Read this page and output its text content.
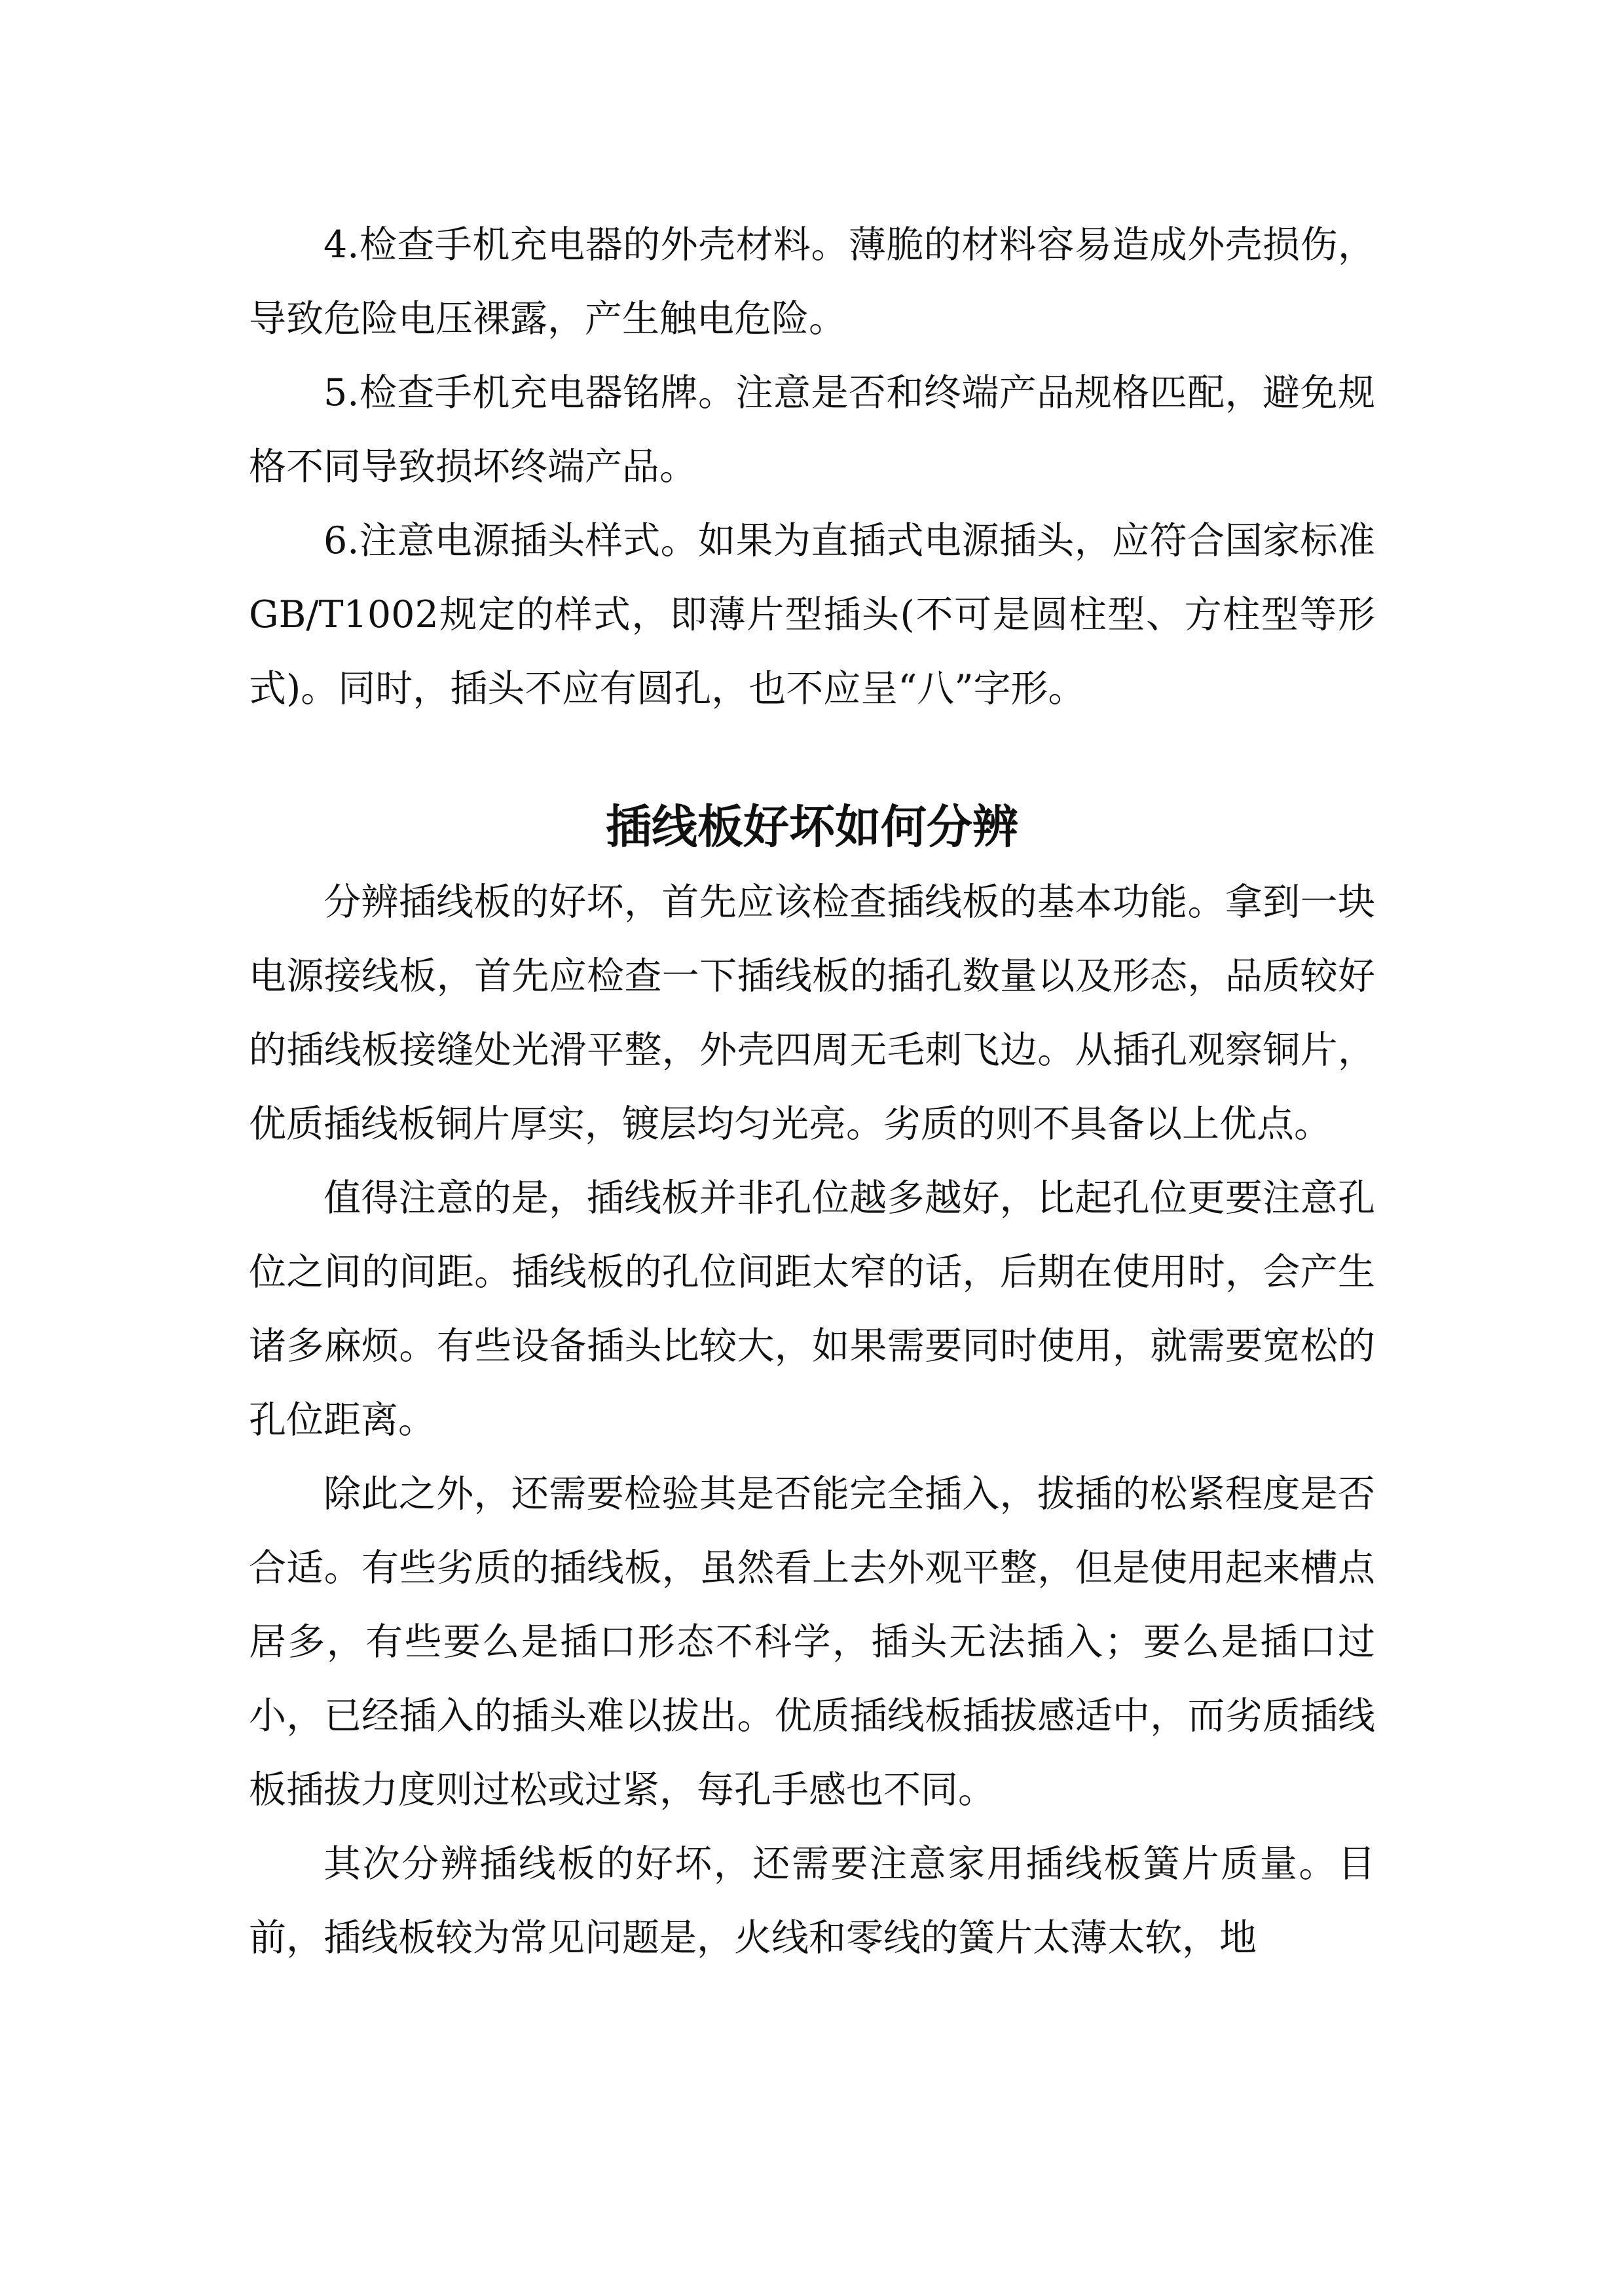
4.检查手机充电器的外壳材料。薄脆的材料容易造成外壳损伤，导致危险电压裸露，产生触电危险。

5.检查手机充电器铭牌。注意是否和终端产品规格匹配，避免规格不同导致损坏终端产品。

6.注意电源插头样式。如果为直插式电源插头，应符合国家标准GB/T1002规定的样式，即薄片型插头(不可是圆柱型、方柱型等形式)。同时，插头不应有圆孔，也不应呈“八”字形。

插线板好坏如何分辨

分辨插线板的好坏，首先应该检查插线板的基本功能。拿到一块电源接线板，首先应检查一下插线板的插孔数量以及形态，品质较好的插线板接缝处光滑平整，外壳四周无毛刺飞边。从插孔观察铜片，优质插线板铜片厚实，镀层均匀光亮。劣质的则不具备以上优点。

值得注意的是，插线板并非孔位越多越好，比起孔位更要注意孔位之间的间距。插线板的孔位间距太窄的话，后期在使用时，会产生诸多麻烦。有些设备插头比较大，如果需要同时使用，就需要宽松的孔位距离。

除此之外，还需要检验其是否能完全插入，拔插的松紧程度是否合适。有些劣质的插线板，虽然看上去外观平整，但是使用起来槽点居多，有些要么是插口形态不科学，插头无法插入；要么是插口过小，已经插入的插头难以拔出。优质插线板插拔感适中，而劣质插线板插拔力度则过松或过紧，每孔手感也不同。

其次分辨插线板的好坏，还需要注意家用插线板簧片质量。目前，插线板较为常见问题是，火线和零线的簧片太薄太软，地
